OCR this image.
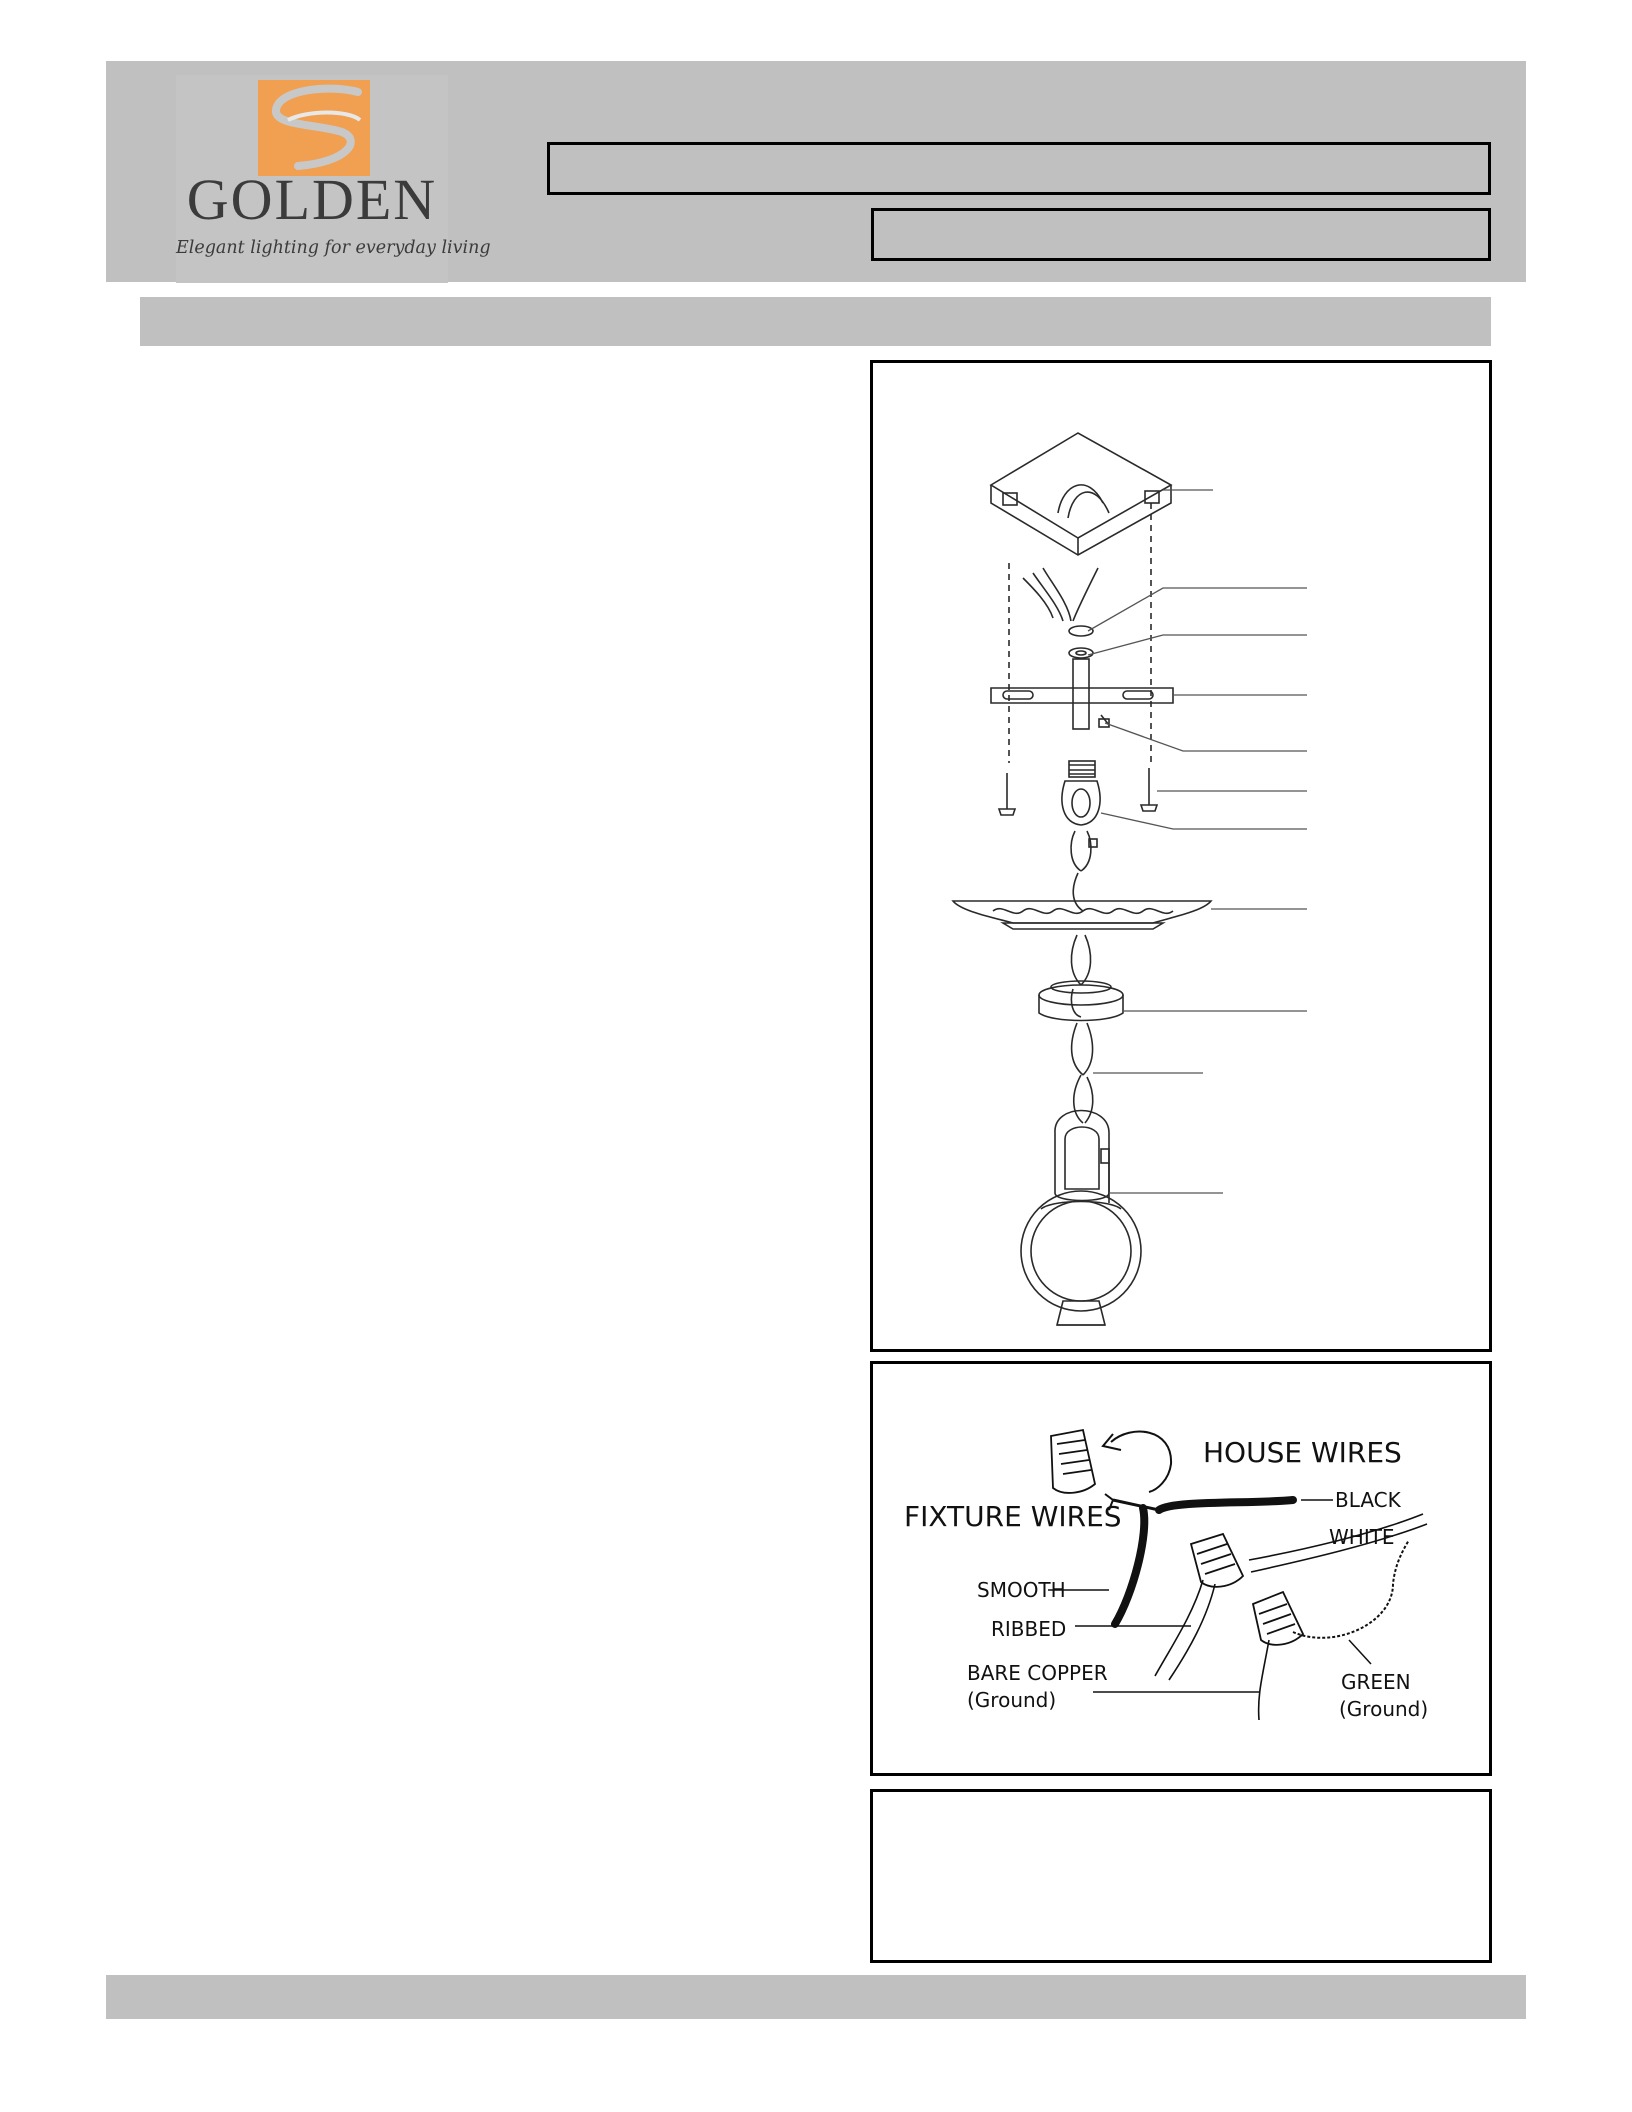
GOLDEN
Elegant lighting for everyday living
HOUSE WIRES
FIXTURE WIRES	BLACK
SMOOTH
WHITE
RIBBED
BARE COPPER
(Ground)
GREEN
(Ground)
